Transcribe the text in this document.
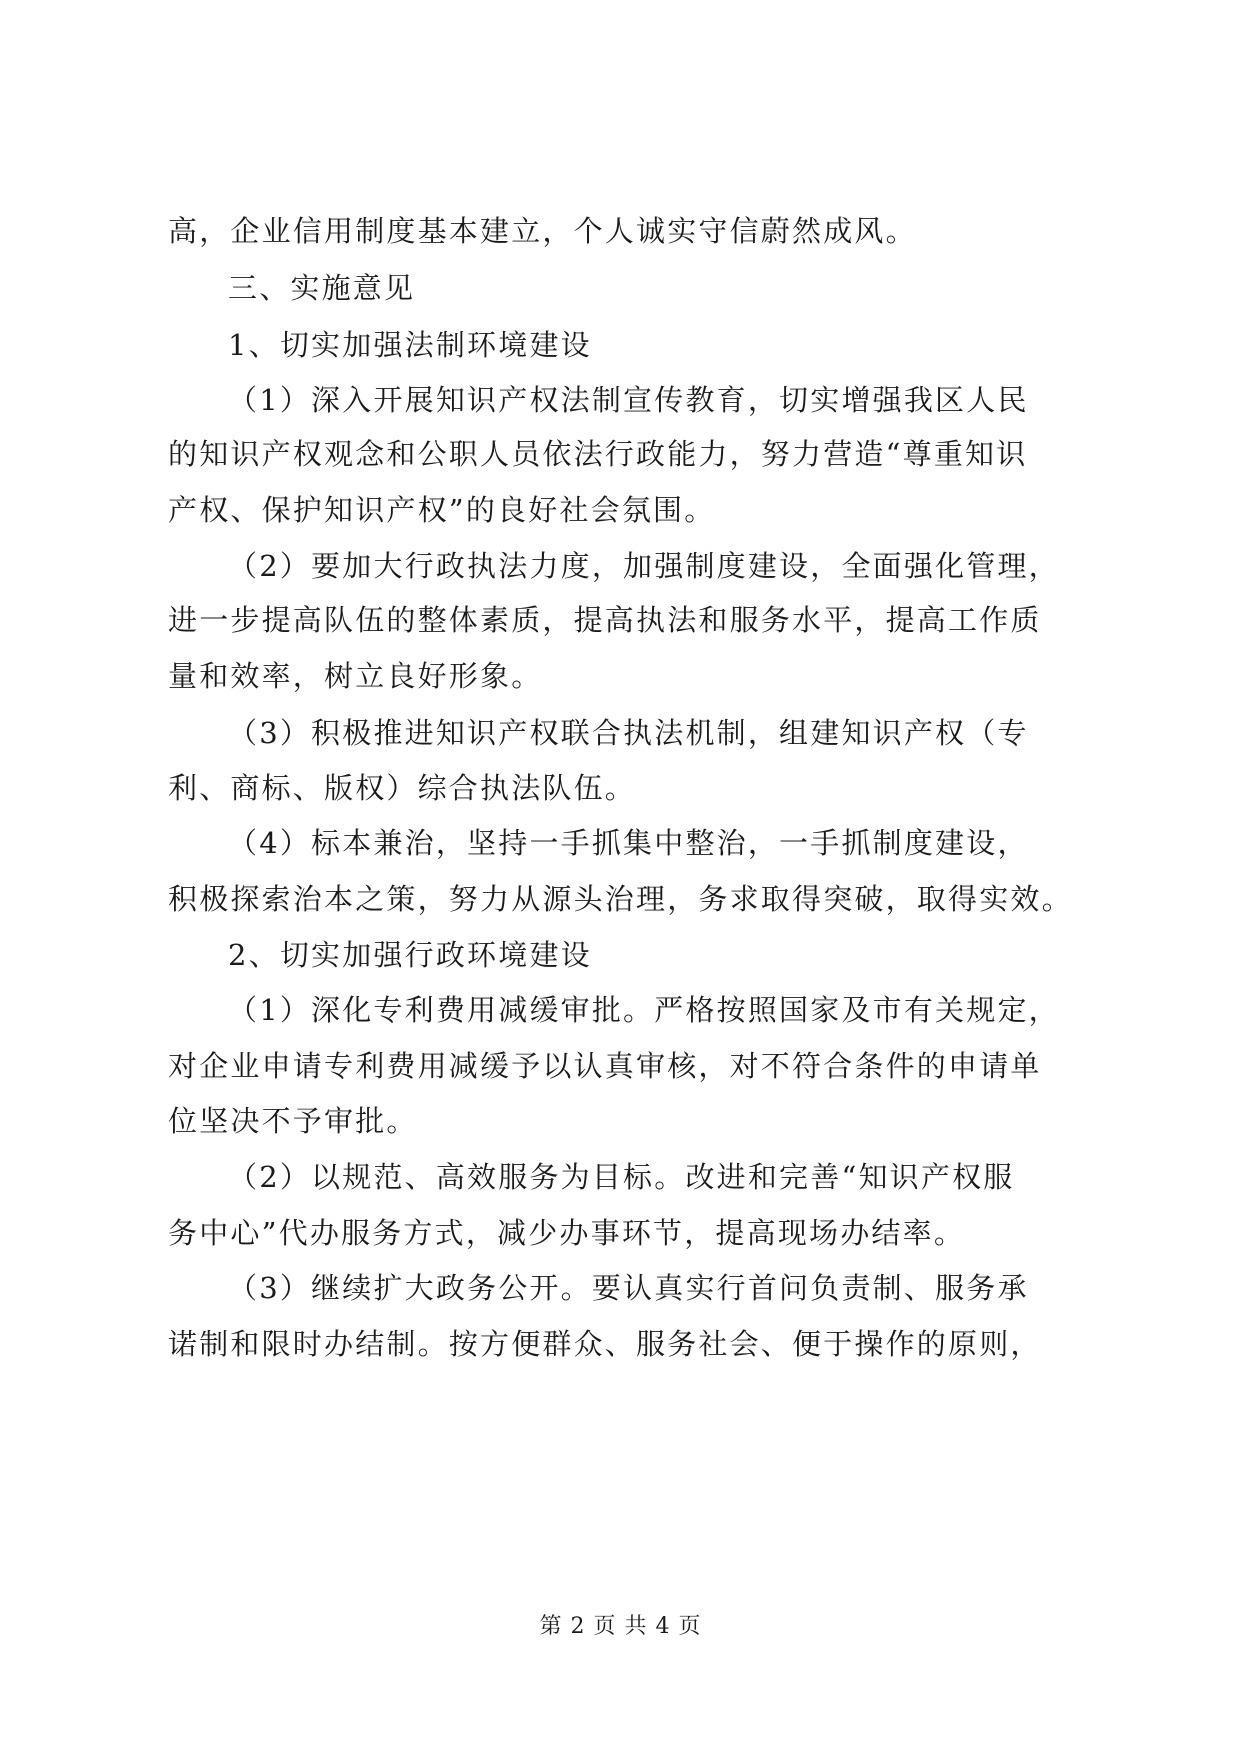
高，企业信用制度基本建立，个人诚实守信蔚然成风。
三、实施意见
1、切实加强法制环境建设
（1）深入开展知识产权法制宣传教育，切实增强我区人民
的知识产权观念和公职人员依法行政能力，努力营造“尊重知识
产权、保护知识产权”的良好社会氛围。
（2）要加大行政执法力度，加强制度建设，全面强化管理，
进一步提高队伍的整体素质，提高执法和服务水平，提高工作质
量和效率，树立良好形象。
（3）积极推进知识产权联合执法机制，组建知识产权（专
利、商标、版权）综合执法队伍。
（4）标本兼治，坚持一手抓集中整治，一手抓制度建设，
积极探索治本之策，努力从源头治理，务求取得突破，取得实效。
2、切实加强行政环境建设
（1）深化专利费用减缓审批。严格按照国家及市有关规定，
对企业申请专利费用减缓予以认真审核，对不符合条件的申请单
位坚决不予审批。
（2）以规范、高效服务为目标。改进和完善“知识产权服
务中心”代办服务方式，减少办事环节，提高现场办结率。
（3）继续扩大政务公开。要认真实行首问负责制、服务承
诺制和限时办结制。按方便群众、服务社会、便于操作的原则，
第 2 页 共 4 页
